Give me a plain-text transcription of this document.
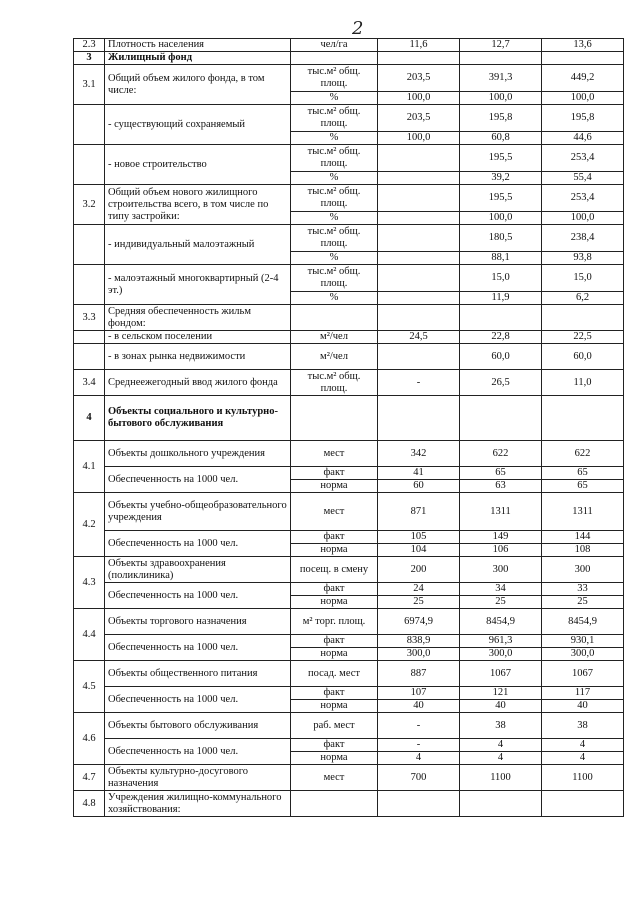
2
2.3	Плотность населения	чел/га	11,6	12,7	13,6
3	Жилищный фонд				
3.1	Общий объем жилого фонда, в том числе:	тыс.м² общ. площ.	203,5	391,3	449,2
		%	100,0	100,0	100,0
	- существующий сохраняемый	тыс.м² общ. площ.	203,5	195,8	195,8
		%	100,0	60,8	44,6
	- новое строительство	тыс.м² общ. площ.		195,5	253,4
		%		39,2	55,4
3.2	Общий объем нового жилищного строительства всего, в том числе по типу застройки:	тыс.м² общ. площ.		195,5	253,4
		%		100,0	100,0
	- индивидуальный малоэтажный	тыс.м² общ. площ.		180,5	238,4
		%		88,1	93,8
	- малоэтажный многоквартирный (2-4 эт.)	тыс.м² общ. площ.		15,0	15,0
		%		11,9	6,2
3.3	Средняя обеспеченность жильм фондом:				
	- в сельском поселении	м²/чел	24,5	22,8	22,5
	- в зонах рынка недвижимости	м²/чел		60,0	60,0
3.4	Среднеежегодный ввод жилого фонда	тыс.м² общ. площ.	-	26,5	11,0
4	Объекты социального и культурно-бытового обслуживания				
4.1	Объекты дошкольного учреждения	мест	342	622	622
	Обеспеченность на 1000 чел.	факт	41	65	65
		норма	60	63	65
4.2	Объекты учебно-общеобразовательного учреждения	мест	871	1311	1311
	Обеспеченность на 1000 чел.	факт	105	149	144
		норма	104	106	108
4.3	Объекты здравоохранения (поликлиника)	посещ. в смену	200	300	300
	Обеспеченность на 1000 чел.	факт	24	34	33
		норма	25	25	25
4.4	Объекты торгового назначения	м² торг. площ.	6974,9	8454,9	8454,9
	Обеспеченность на 1000 чел.	факт	838,9	961,3	930,1
		норма	300,0	300,0	300,0
4.5	Объекты общественного питания	посад. мест	887	1067	1067
	Обеспеченность на 1000 чел.	факт	107	121	117
		норма	40	40	40
4.6	Объекты бытового обслуживания	раб. мест	-	38	38
	Обеспеченность на 1000 чел.	факт	-	4	4
		норма	4	4	4
4.7	Объекты культурно-досугового назначения	мест	700	1100	1100
4.8	Учреждения жилищно-коммунального хозяйствования:				
